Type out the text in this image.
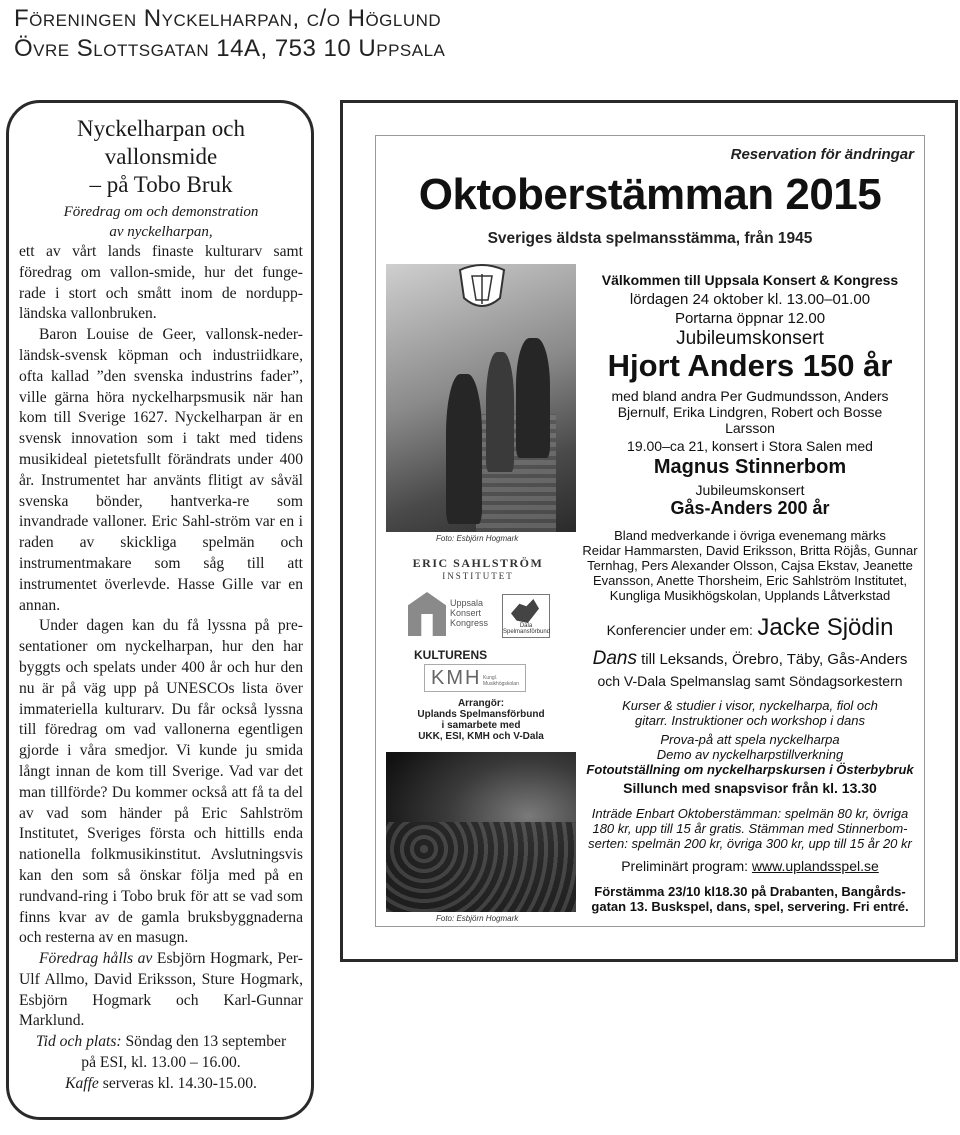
Föreningen Nyckelharpan, c/o Höglund
Övre Slottsgatan 14A, 753 10 Uppsala
Nyckelharpan och
vallonsmide
– på Tobo Bruk
Föredrag om och demonstration
av nyckelharpan,

ett av vårt lands finaste kulturarv samt föredrag om vallon-smide, hur det funge-rade i stort och smått inom de nordupp-ländska vallonbruken.

Baron Louise de Geer, vallonsk-neder-ländsk-svensk köpman och industriidkare, ofta kallad ”den svenska industrins fader”, ville gärna höra nyckelharpsmusik när han kom till Sverige 1627. Nyckelharpan är en svensk innovation som i takt med tidens musikideal pietetsfullt förändrats under 400 år. Instrumentet har använts flitigt av såväl svenska bönder, hantverka-re som invandrade valloner. Eric Sahl-ström var en i raden av skickliga spelmän och instrumentmakare som såg till att instrumentet överlevde. Hasse Gille var en annan.

Under dagen kan du få lyssna på pre-sentationer om nyckelharpan, hur den har byggts och spelats under 400 år och hur den nu är på väg upp på UNESCOs lista över immateriella kulturarv. Du får också lyssna till föredrag om vad vallonerna egentligen gjorde i våra smedjor. Vi kunde ju smida långt innan de kom till Sverige. Vad var det man tillförde? Du kommer också att få ta del av vad som händer på Eric Sahlström Institutet, Sveriges första och hittills enda nationella folkmusikinstitut. Avslutningsvis kan den som så önskar följa med på en rundvand-ring i Tobo bruk för att se vad som finns kvar av de gamla bruksbyggnaderna och resterna av en masugn.

Föredrag hålls av Esbjörn Hogmark, Per-Ulf Allmo, David Eriksson, Sture Hogmark, Esbjörn Hogmark och Karl-Gunnar Marklund.

Tid och plats: Söndag den 13 september

på ESI, kl. 13.00 – 16.00.

Kaffe serveras kl. 14.30-15.00.

Reservation för ändringar
Oktoberstämman 2015
Sveriges äldsta spelmansstämma, från 1945
Foto: Esbjörn Hogmark
ERIC SAHLSTRÖM
INSTITUTET
Uppsala
Konsert
Kongress	Dala Spelmansförbund
KULTURENS
KMH Kungl. Musikhögskolan
Arrangör:
Uplands Spelmansförbund
i samarbete med
UKK, ESI, KMH och V-Dala
Foto: Esbjörn Hogmark
Välkommen till Uppsala Konsert & Kongress
lördagen 24 oktober kl. 13.00–01.00
Portarna öppnar 12.00
Jubileumskonsert
Hjort Anders 150 år
med bland andra Per Gudmundsson, Anders
Bjernulf, Erika Lindgren, Robert och Bosse
Larsson
19.00–ca 21, konsert i Stora Salen med
Magnus Stinnerbom
Jubileumskonsert
Gås-Anders 200 år
Bland medverkande i övriga evenemang märks
Reidar Hammarsten, David Eriksson, Britta Röjås, Gunnar
Ternhag, Pers Alexander Olsson, Cajsa Ekstav, Jeanette
Evansson, Anette Thorsheim, Eric Sahlström Institutet,
Kungliga Musikhögskolan, Upplands Låtverkstad
Konferencier under em: Jacke Sjödin
Dans till Leksands, Örebro, Täby, Gås-Anders
och V-Dala Spelmanslag samt Söndagsorkestern
Kurser & studier i visor, nyckelharpa, fiol och
gitarr. Instruktioner och workshop i dans
Prova-på att spela nyckelharpa
Demo av nyckelharpstillverkning
Fotoutställning om nyckelharpskursen i Österbybruk
Sillunch med snapsvisor från kl. 13.30
Inträde Enbart Oktoberstämman: spelmän 80 kr, övriga
180 kr, upp till 15 år gratis. Stämman med Stinnerbom-
serten: spelmän 200 kr, övriga 300 kr, upp till 15 år 20 kr
Preliminärt program: www.uplandsspel.se
Förstämma 23/10 kl18.30 på Drabanten, Bangårds-
gatan 13. Buskspel, dans, spel, servering. Fri entré.
